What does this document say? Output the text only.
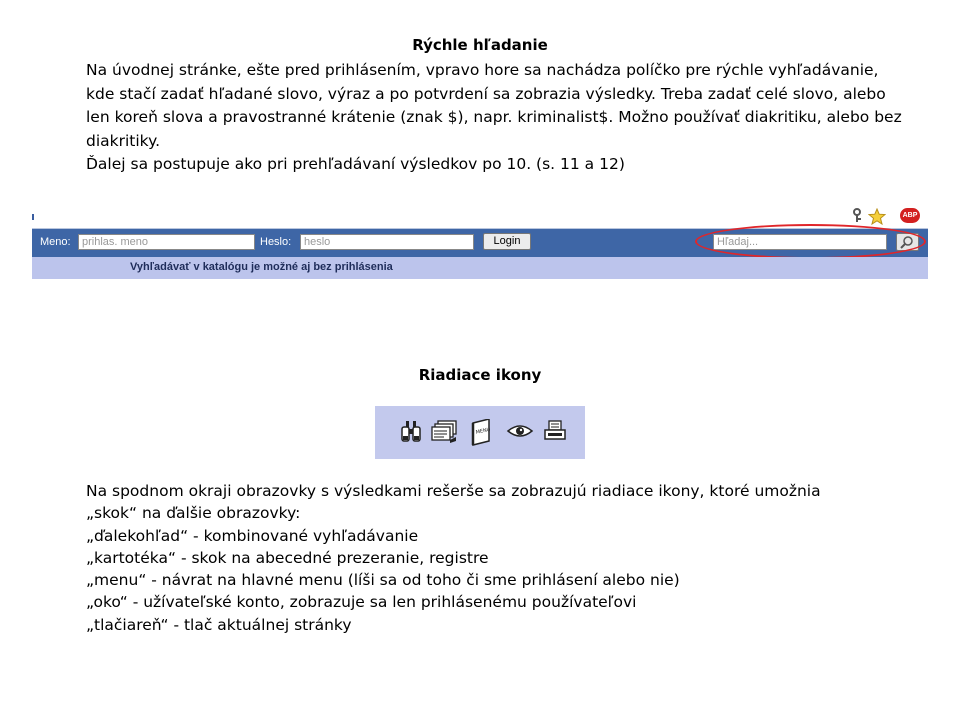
Rýchle hľadanie

Na úvodnej stránke, ešte pred prihlásením, vpravo hore sa nachádza políčko pre rýchle vyhľadávanie,

kde stačí zadať hľadané slovo, výraz a po potvrdení sa zobrazia výsledky. Treba zadať celé slovo, alebo

len koreň slova a pravostranné krátenie (znak $), napr. kriminalist$. Možno používať diakritiku, alebo bez

diakritiky.

Ďalej sa postupuje ako pri prehľadávaní výsledkov po 10. (s. 11 a 12)

ABP
Meno:	prihlas. meno	Heslo:	heslo	Login	Hľadaj...
Vyhľadávať v katalógu je možné aj bez prihlásenia
Riadiace ikony
MENU

Na spodnom okraji obrazovky s výsledkami rešerše sa zobrazujú riadiace ikony, ktoré umožnia

„skok“ na ďalšie obrazovky:

„ďalekohľad“ - kombinované vyhľadávanie

„kartotéka“ - skok na abecedné prezeranie, registre

„menu“ - návrat na hlavné menu (líši sa od toho či sme prihlásení alebo nie)

„oko“ - užívateľské konto, zobrazuje sa len prihlásenému používateľovi

„tlačiareň“ - tlač aktuálnej stránky
